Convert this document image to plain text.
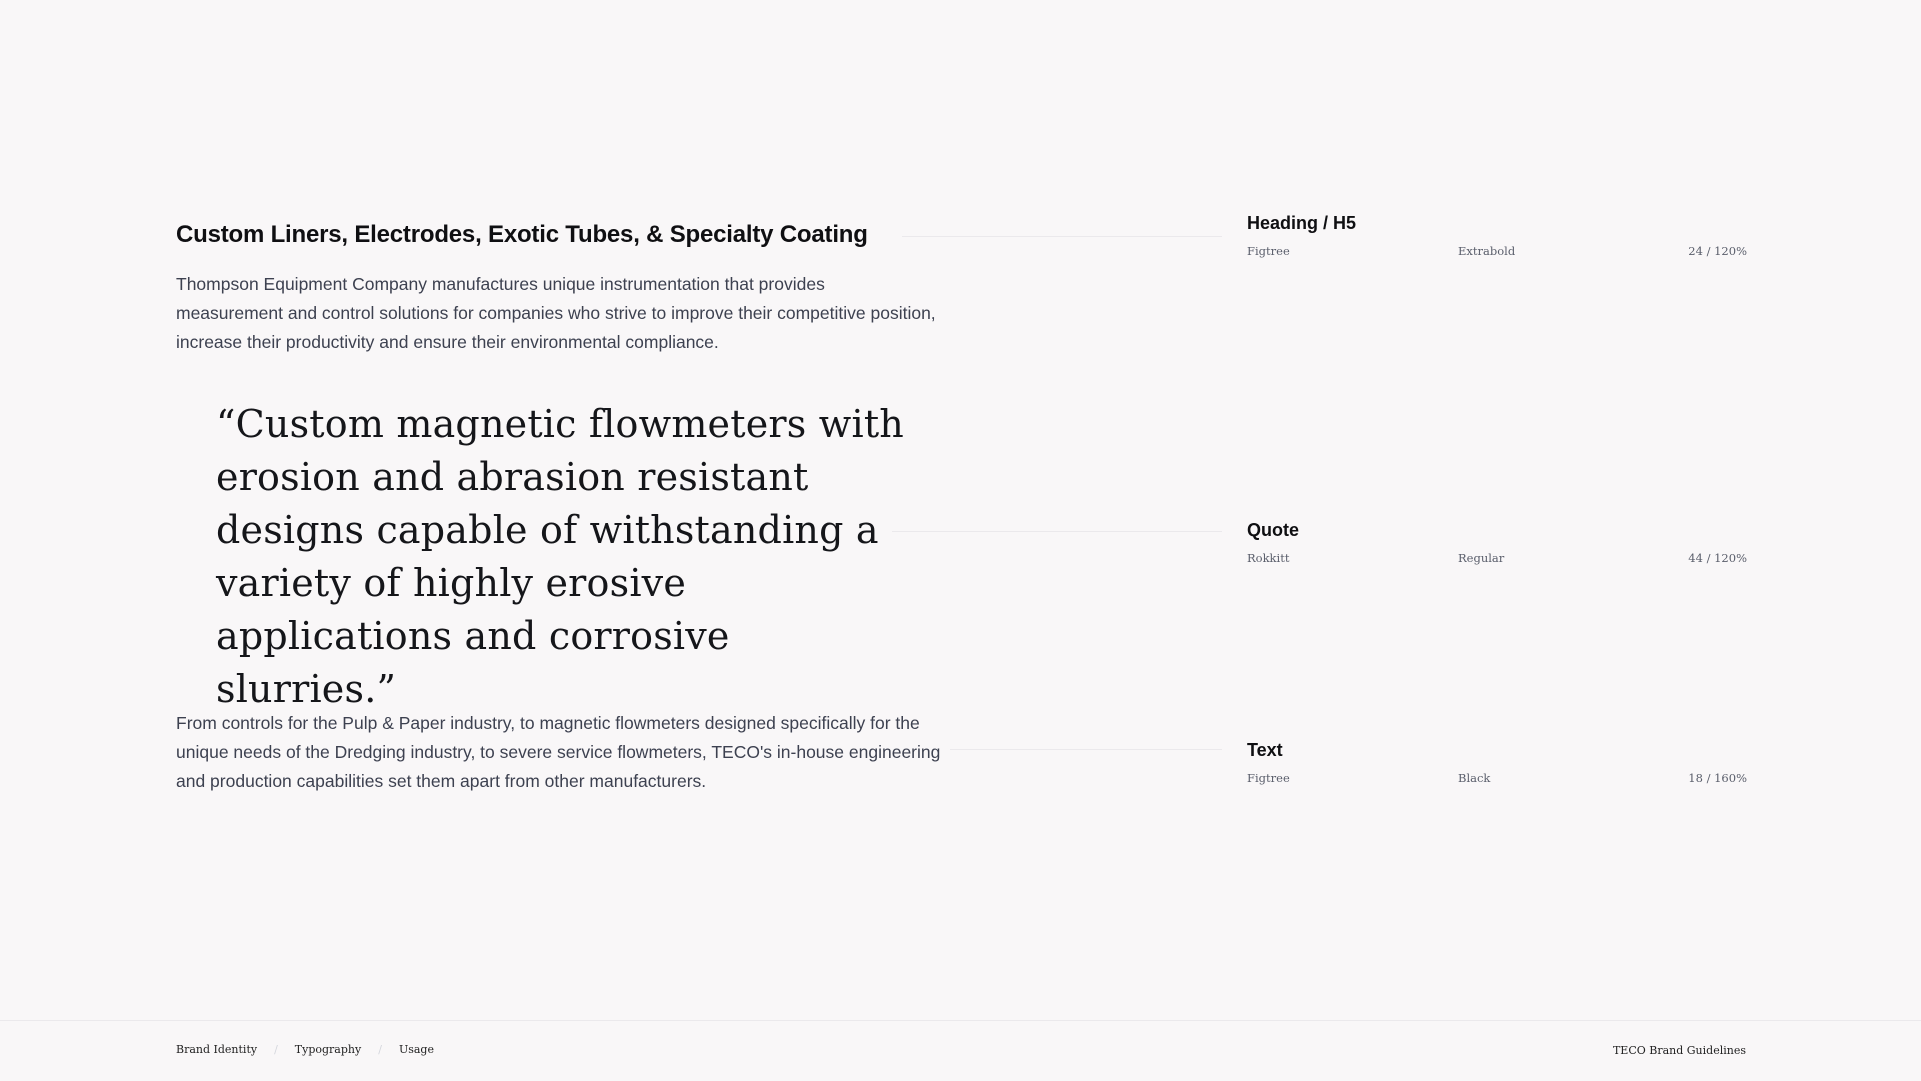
Custom Liners, Electrodes, Exotic Tubes, & Specialty Coating
Thompson Equipment Company manufactures unique instrumentation that provides measurement and control solutions for companies who strive to improve their competitive position, increase their productivity and ensure their environmental compliance.
“Custom magnetic flowmeters with erosion and abrasion resistant designs capable of withstanding a variety of highly erosive applications and corrosive slurries.”
From controls for the Pulp & Paper industry, to magnetic flowmeters designed specifically for the unique needs of the Dredging industry, to severe service flowmeters, TECO's in-house engineering and production capabilities set them apart from other manufacturers.
Heading / H5
Figtree	Extrabold	24 / 120%
Quote
Rokkitt	Regular	44 / 120%
Text
Figtree	Black	18 / 160%
Brand Identity / Typography / Usage	TECO Brand Guidelines
